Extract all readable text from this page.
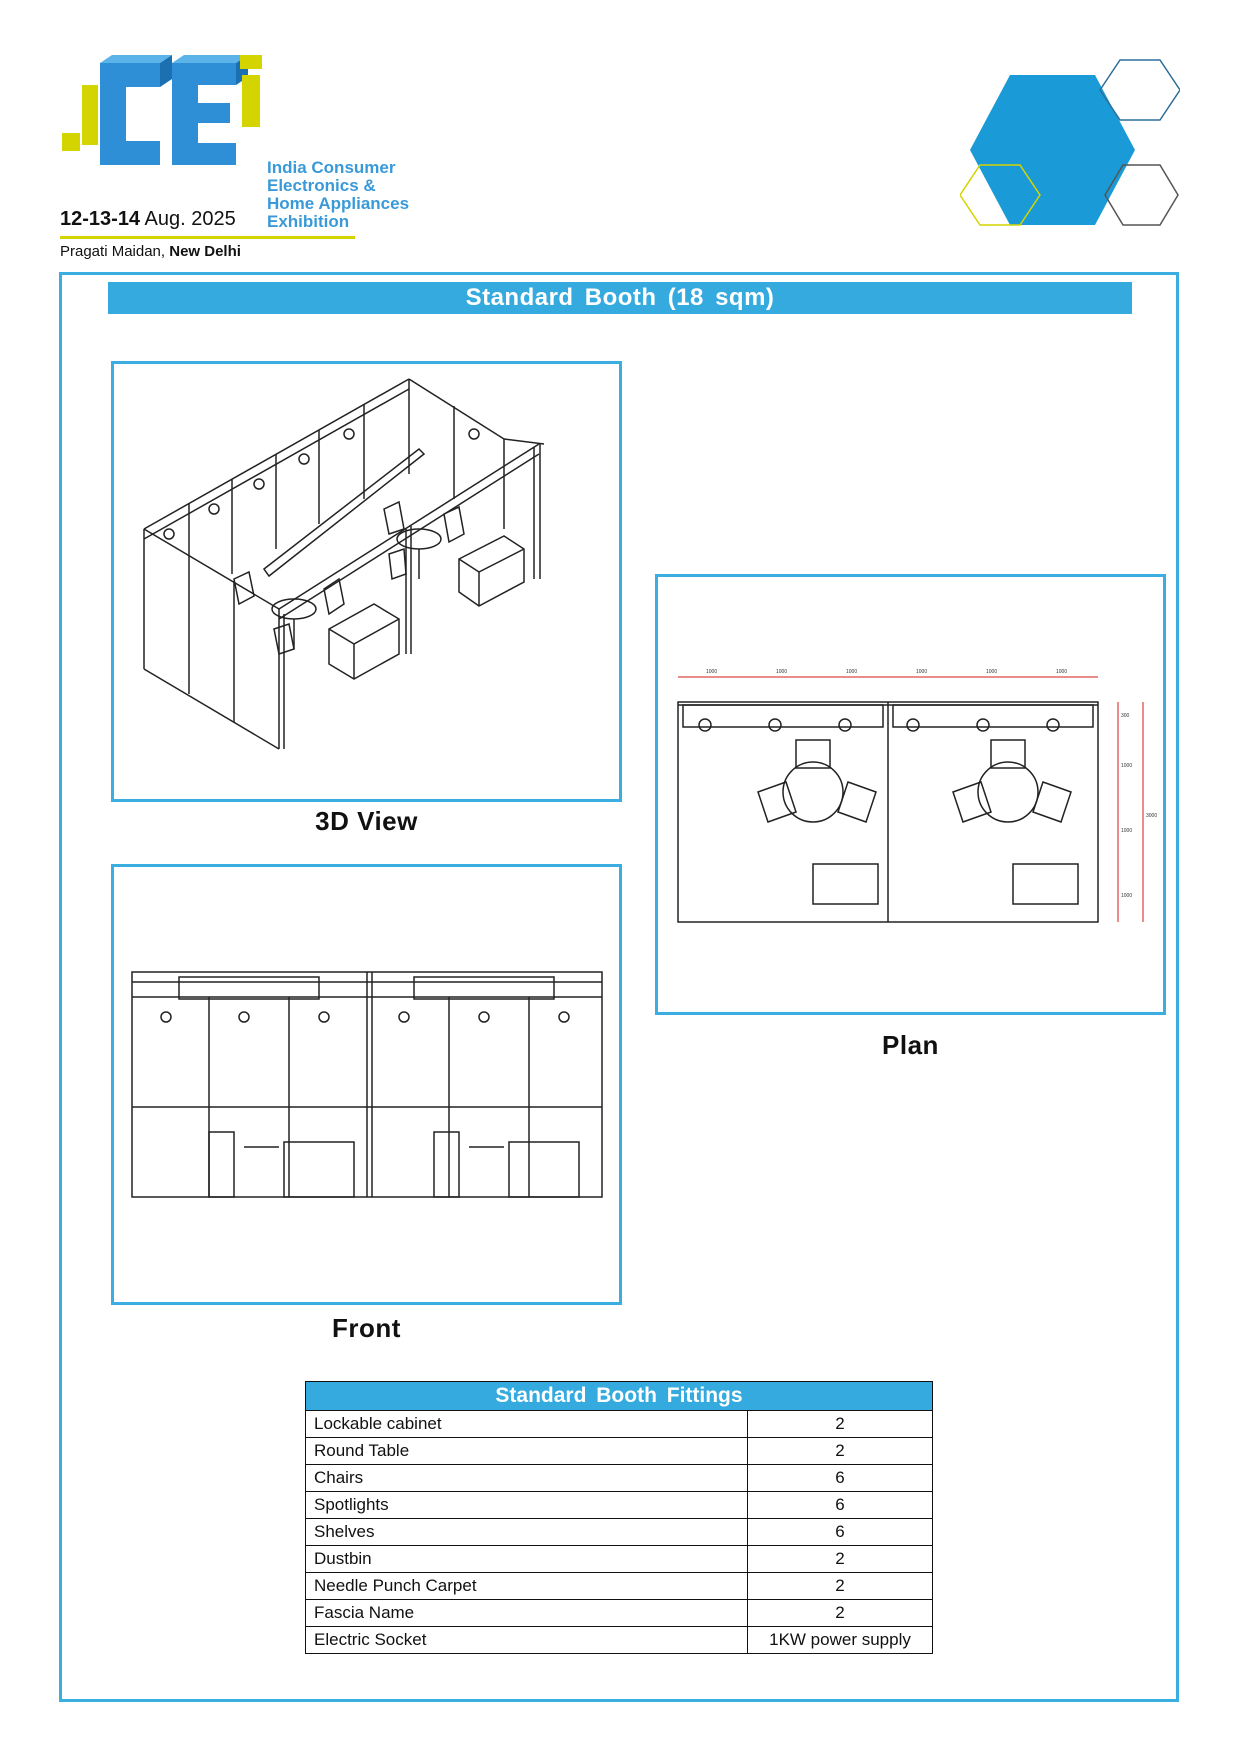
India Consumer
Electronics &
Home Appliances
Exhibition
12-13-14 Aug. 2025
Pragati Maidan, New Delhi
Standard Booth (18 sqm)
3D View
1000	1000	1000	1000	1000	1000
300
1000
1000
1000
3000
Plan
Front
Standard Booth Fittings	
Lockable cabinet	2
Round Table	2
Chairs	6
Spotlights	6
Shelves	6
Dustbin	2
Needle Punch Carpet	2
Fascia Name	2
Electric Socket	1KW power supply
